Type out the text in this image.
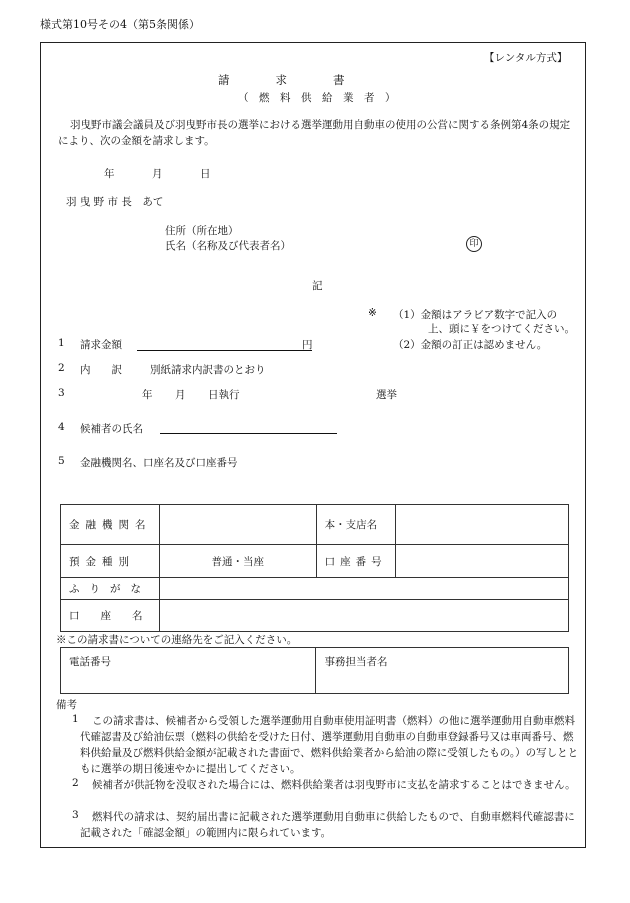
様式第10号その4（第5条関係）
【レンタル方式】
請　　　　求　　　　書
（　燃　料　供　給　業　者　）
羽曳野市議会議員及び羽曳野市長の選挙における選挙運動用自動車の使用の公営に関する条例第4条の規定により、次の金額を請求します。
年	月	日
羽 曳 野 市 長　あて
住所（所在地）
氏名（名称及び代表者名）	印
記
※ （1）金額はアラビア数字で記入の
上、頭に￥をつけてください。
（2）金額の訂正は認めません。
1 請求金額	円
2 内　　訳	別紙請求内訳書のとおり
3	年 月 日執行	選挙
4 候補者の氏名
5 金融機関名、口座名及び口座番号
金融機関名		本・支店名	
預金種別	普通・当座	口座番号	
ふりがな			
口　　座　　名			
※この請求書についての連絡先をご記入ください。
電話番号	事務担当者名
備考
1	この請求書は、候補者から受領した選挙運動用自動車使用証明書（燃料）の他に選挙運動用自動車燃料代確認書及び給油伝票（燃料の供給を受けた日付、選挙運動用自動車の自動車登録番号又は車両番号、燃料供給量及び燃料供給金額が記載された書面で、燃料供給業者から給油の際に受領したもの。）の写しとともに選挙の期日後速やかに提出してください。
2	候補者が供託物を没収された場合には、燃料供給業者は羽曳野市に支払を請求することはできません。
3	燃料代の請求は、契約届出書に記載された選挙運動用自動車に供給したもので、自動車燃料代確認書に記載された「確認金額」の範囲内に限られています。
